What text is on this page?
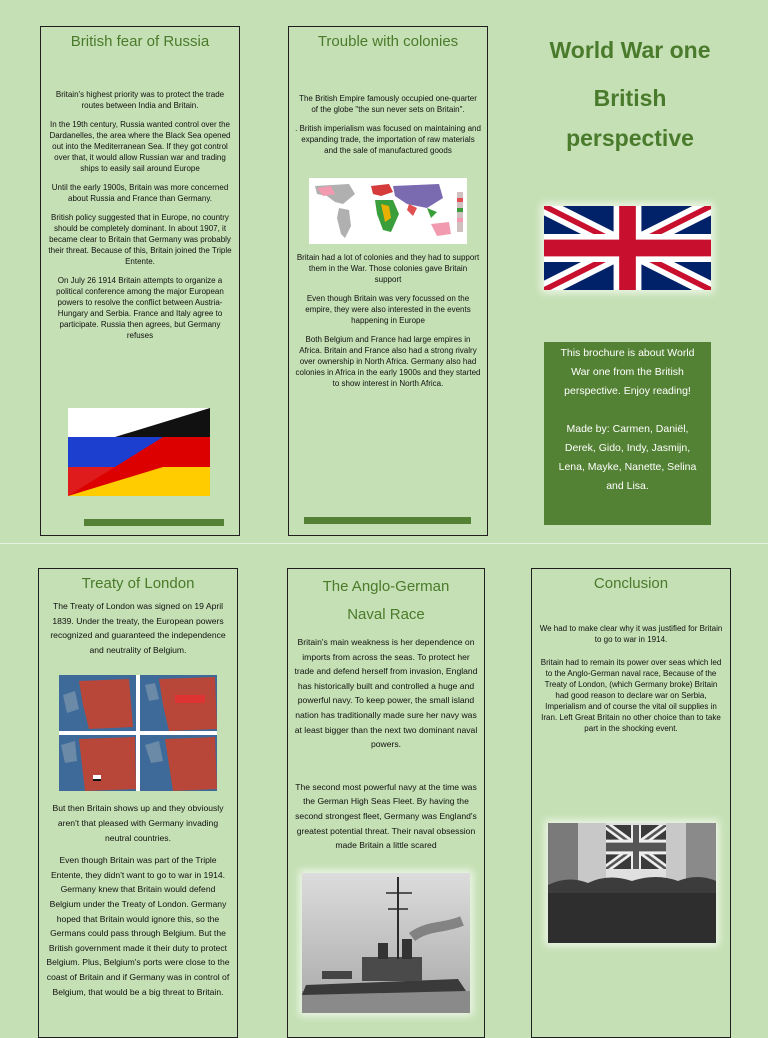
British fear of Russia

Britain's highest priority was to protect the trade routes between India and Britain.

In the 19th century, Russia wanted control over the Dardanelles, the area where the Black Sea opened out into the Mediterranean Sea. If they got control over that, it would allow Russian war and trading ships to easily sail around Europe

Until the early 1900s, Britain was more concerned about Russia and France than Germany.

British policy suggested that in Europe, no country should be completely dominant. In about 1907, it became clear to Britain that Germany was probably their threat. Because of this, Britain joined the Triple Entente.

On July 26 1914 Britain attempts to organize a political conference among the major European powers to resolve the conflict between Austria-Hungary and Serbia. France and Italy agree to participate. Russia then agrees, but Germany refuses

Trouble with colonies

The British Empire famously occupied one-quarter of the globe "the sun never sets on Britain".

. British imperialism was focused on maintaining and expanding trade, the importation of raw materials and the sale of manufactured goods

Britain had a lot of colonies and they had to support them in the War. Those colonies gave Britain support

Even though Britain was very focussed on the empire, they were also interested in the events happening in Europe

Both Belgium and France had large empires in Africa. Britain and France also had a strong rivalry over ownership in North Africa. Germany also had colonies in Africa in the early 1900s and they started to show interest in North Africa.

World War one
British
perspective

This brochure is about World War one from the British perspective. Enjoy reading!

Made by: Carmen, Daniël, Derek, Gido, Indy, Jasmijn, Lena, Mayke, Nanette, Selina and Lisa.

Treaty of London

The Treaty of London was signed on 19 April 1839. Under the treaty, the European powers recognized and guaranteed the independence and neutrality of Belgium.

But then Britain shows up and they obviously aren't that pleased with Germany invading neutral countries.

Even though Britain was part of the Triple Entente, they didn't want to go to war in 1914. Germany knew that Britain would defend Belgium under the Treaty of London. Germany hoped that Britain would ignore this, so the Germans could pass through Belgium. But the British government made it their duty to protect Belgium. Plus, Belgium's ports were close to the coast of Britain and if Germany was in control of Belgium, that would be a big threat to Britain.

The Anglo-German
Naval Race

Britain's main weakness is her dependence on imports from across the seas. To protect her trade and defend herself from invasion, England has historically built and controlled a huge and powerful navy. To keep power, the small island nation has traditionally made sure her navy was at least bigger than the next two dominant naval powers.

The second most powerful navy at the time was the German High Seas Fleet. By having the second strongest fleet, Germany was England's greatest potential threat. Their naval obsession made Britain a little scared

Conclusion

We had to make clear why it was justified for Britain to go to war in 1914.

Britain had to remain its power over seas which led to the Anglo-German naval race, Because of the Treaty of London, (which Germany broke) Britain had good reason to declare war on Serbia, Imperialism and of course the vital oil supplies in Iran. Left Great Britain no other choice than to take part in the shocking event.
